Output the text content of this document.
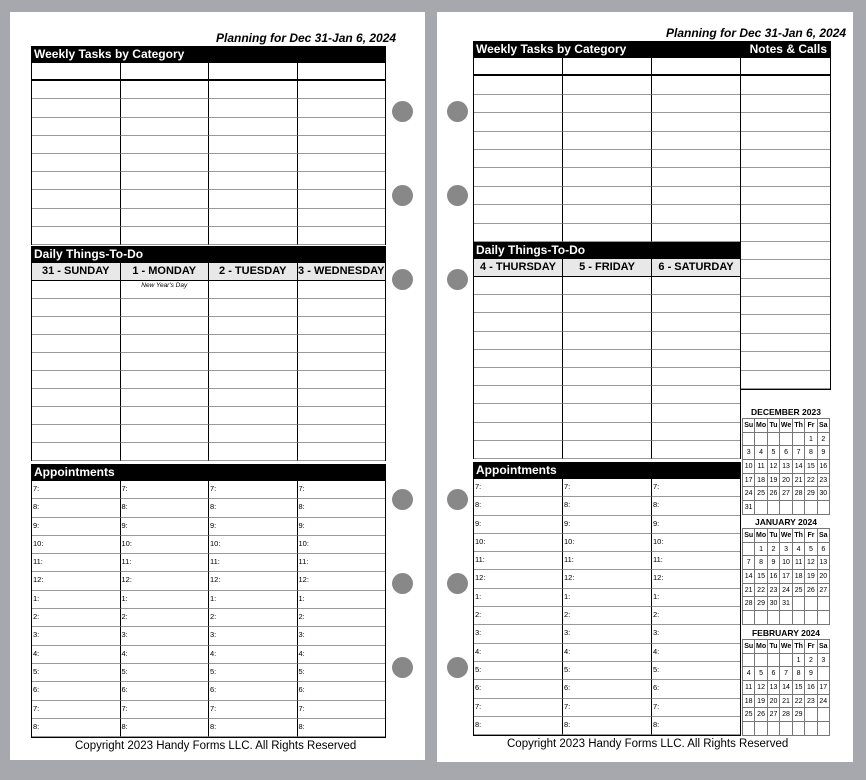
Planning for Dec 31-Jan 6, 2024
Weekly Tasks by Category
Daily Things-To-Do
31 - SUNDAY	1 - MONDAY	2 - TUESDAY	3 - WEDNESDAY
New Year's Day
Appointments
7:	7:	7:	7:
8:	8:	8:	8:
9:	9:	9:	9:
10:	10:	10:	10:
11:	11:	11:	11:
12:	12:	12:	12:
1:	1:	1:	1:
2:	2:	2:	2:
3:	3:	3:	3:
4:	4:	4:	4:
5:	5:	5:	5:
6:	6:	6:	6:
7:	7:	7:	7:
8:	8:	8:	8:
Copyright 2023 Handy Forms LLC. All Rights Reserved
Planning for Dec 31-Jan 6, 2024
Weekly Tasks by Category	Notes & Calls
Daily Things-To-Do
4 - THURSDAY	5 - FRIDAY	6 - SATURDAY
Appointments
7:	7:	7:
8:	8:	8:
9:	9:	9:
10:	10:	10:
11:	11:	11:
12:	12:	12:
1:	1:	1:
2:	2:	2:
3:	3:	3:
4:	4:	4:
5:	5:	5:
6:	6:	6:
7:	7:	7:
8:	8:	8:
DECEMBER 2023
Su	Mo	Tu	We	Th	Fr	Sa
					1	2
3	4	5	6	7	8	9
10	11	12	13	14	15	16
17	18	19	20	21	22	23
24	25	26	27	28	29	30
31						
JANUARY 2024
Su	Mo	Tu	We	Th	Fr	Sa
	1	2	3	4	5	6
7	8	9	10	11	12	13
14	15	16	17	18	19	20
21	22	23	24	25	26	27
28	29	30	31			

FEBRUARY 2024
Su	Mo	Tu	We	Th	Fr	Sa
				1	2	3
4	5	6	7	8	9	
11	12	13	14	15	16	17
18	19	20	21	22	23	24
25	26	27	28	29		

Copyright 2023 Handy Forms LLC. All Rights Reserved
